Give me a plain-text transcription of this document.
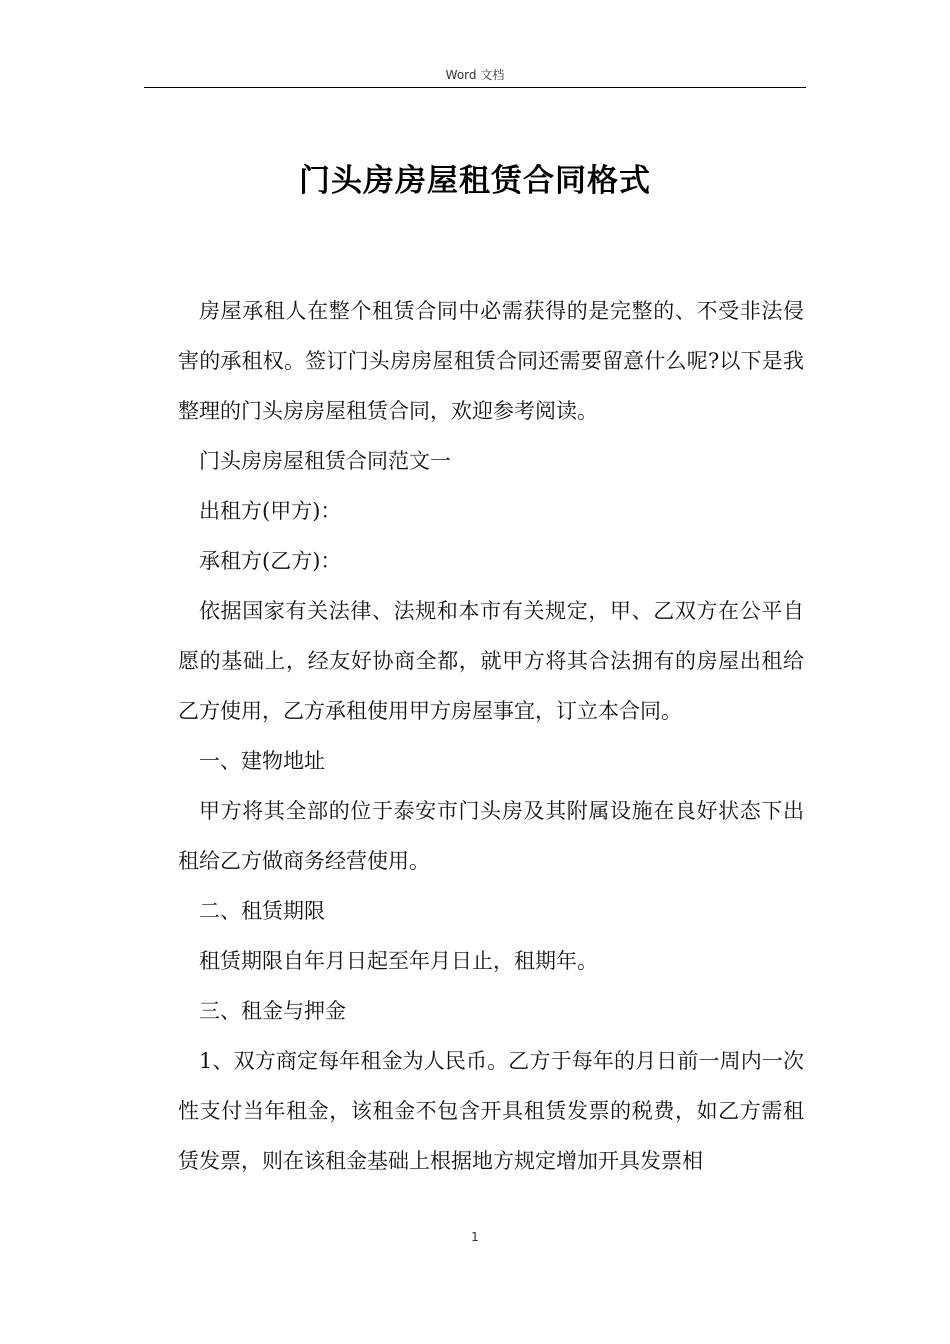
Word 文档
门头房房屋租赁合同格式

房屋承租人在整个租赁合同中必需获得的是完整的、不受非法侵害的承租权。签订门头房房屋租赁合同还需要留意什么呢?以下是我整理的门头房房屋租赁合同，欢迎参考阅读。

门头房房屋租赁合同范文一

出租方(甲方)：

承租方(乙方)：

依据国家有关法律、法规和本市有关规定，甲、乙双方在公平自愿的基础上，经友好协商全都，就甲方将其合法拥有的房屋出租给乙方使用，乙方承租使用甲方房屋事宜，订立本合同。

一、建物地址

甲方将其全部的位于泰安市门头房及其附属设施在良好状态下出租给乙方做商务经营使用。

二、租赁期限

租赁期限自年月日起至年月日止，租期年。

三、租金与押金

1、双方商定每年租金为人民币。乙方于每年的月日前一周内一次性支付当年租金，该租金不包含开具租赁发票的税费，如乙方需租赁发票，则在该租金基础上根据地方规定增加开具发票相

1
